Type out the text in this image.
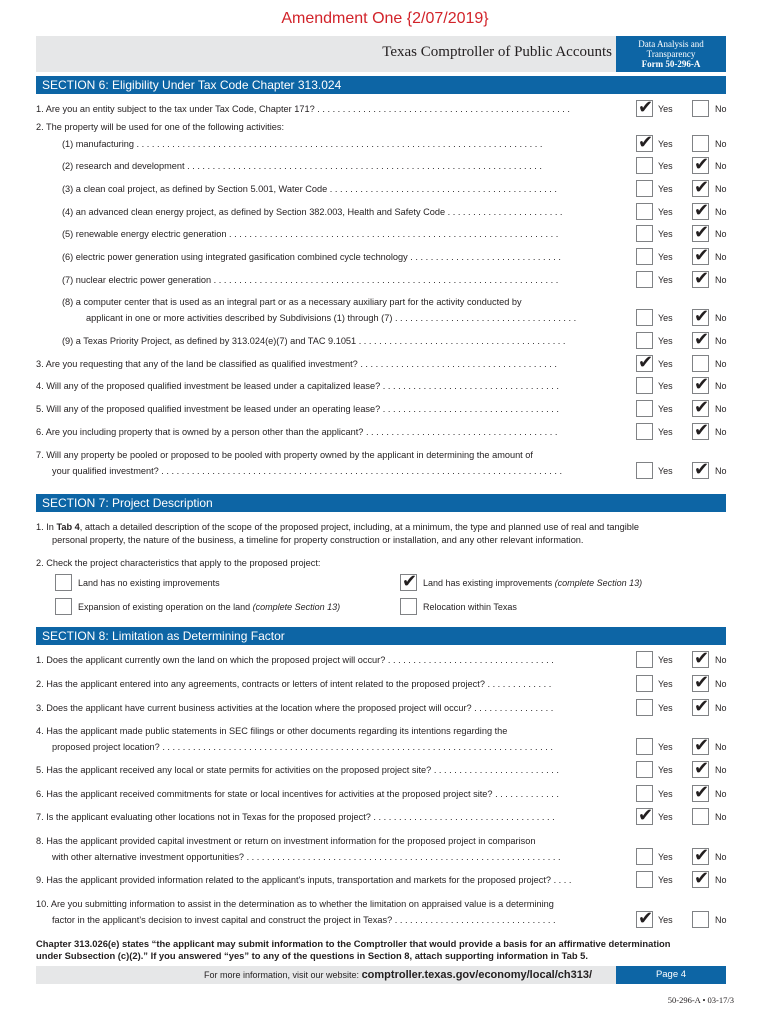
Amendment One {2/07/2019}
Texas Comptroller of Public Accounts	Data Analysis and
Transparency
Form 50-296-A
SECTION 6: Eligibility Under Tax Code Chapter 313.024
2. The property will be used for one of the following activities:
1. Are you an entity subject to the tax under Tax Code, Chapter 171? . . . . . . . . . . . . . . . . . . . . . . . . . . . . . . . . . . . . . . . . . . . . . . . . . . ✔	Yes	No
(1) manufacturing . . . . . . . . . . . . . . . . . . . . . . . . . . . . . . . . . . . . . . . . . . . . . . . . . . . . . . . . . . . . . . . . . . . . . . . . . . . . . . . . ✔	Yes	No
(2) research and development . . . . . . . . . . . . . . . . . . . . . . . . . . . . . . . . . . . . . . . . . . . . . . . . . . . . . . . . . . . . . . . . . . . . . .	Yes ✔	No
(3) a clean coal project, as defined by Section 5.001, Water Code . . . . . . . . . . . . . . . . . . . . . . . . . . . . . . . . . . . . . . . . . . . . .	Yes ✔	No
(4) an advanced clean energy project, as defined by Section 382.003, Health and Safety Code . . . . . . . . . . . . . . . . . . . . . . .	Yes ✔	No
(5) renewable energy electric generation . . . . . . . . . . . . . . . . . . . . . . . . . . . . . . . . . . . . . . . . . . . . . . . . . . . . . . . . . . . . . . . . .	Yes ✔	No
(6) electric power generation using integrated gasification combined cycle technology . . . . . . . . . . . . . . . . . . . . . . . . . . . . . .	Yes ✔	No
(7) nuclear electric power generation . . . . . . . . . . . . . . . . . . . . . . . . . . . . . . . . . . . . . . . . . . . . . . . . . . . . . . . . . . . . . . . . . . . .	Yes ✔	No
(8) a computer center that is used as an integral part or as a necessary auxiliary part for the activity conducted by
applicant in one or more activities described by Subdivisions (1) through (7) . . . . . . . . . . . . . . . . . . . . . . . . . . . . . . . . . . . .	Yes ✔	No
(9) a Texas Priority Project, as defined by 313.024(e)(7) and TAC 9.1051 . . . . . . . . . . . . . . . . . . . . . . . . . . . . . . . . . . . . . . . . .	Yes ✔	No
3. Are you requesting that any of the land be classified as qualified investment? . . . . . . . . . . . . . . . . . . . . . . . . . . . . . . . . . . . . . . . ✔	Yes	No
4. Will any of the proposed qualified investment be leased under a capitalized lease? . . . . . . . . . . . . . . . . . . . . . . . . . . . . . . . . . . .	Yes ✔	No
5. Will any of the proposed qualified investment be leased under an operating lease? . . . . . . . . . . . . . . . . . . . . . . . . . . . . . . . . . . .	Yes ✔	No
6. Are you including property that is owned by a person other than the applicant? . . . . . . . . . . . . . . . . . . . . . . . . . . . . . . . . . . . . . .	Yes ✔	No
7. Will any property be pooled or proposed to be pooled with property owned by the applicant in determining the amount of
your qualified investment? . . . . . . . . . . . . . . . . . . . . . . . . . . . . . . . . . . . . . . . . . . . . . . . . . . . . . . . . . . . . . . . . . . . . . . . . . . . . . . .	Yes ✔	No
SECTION 7: Project Description
1. In Tab 4, attach a detailed description of the scope of the proposed project, including, at a minimum, the type and planned use of real and tangible
personal property, the nature of the business, a timeline for property construction or installation, and any other relevant information.
2. Check the project characteristics that apply to the proposed project:
Land has no existing improvements ✔	Land has existing improvements (complete Section 13)
Expansion of existing operation on the land (complete Section 13)	Relocation within Texas
SECTION 8: Limitation as Determining Factor
1. Does the applicant currently own the land on which the proposed project will occur? . . . . . . . . . . . . . . . . . . . . . . . . . . . . . . . . .	Yes ✔	No
2. Has the applicant entered into any agreements, contracts or letters of intent related to the proposed project? . . . . . . . . . . . . .	Yes ✔	No
3. Does the applicant have current business activities at the location where the proposed project will occur? . . . . . . . . . . . . . . . .	Yes ✔	No
4. Has the applicant made public statements in SEC filings or other documents regarding its intentions regarding the
proposed project location? . . . . . . . . . . . . . . . . . . . . . . . . . . . . . . . . . . . . . . . . . . . . . . . . . . . . . . . . . . . . . . . . . . . . . . . . . . . . .	Yes ✔	No
5. Has the applicant received any local or state permits for activities on the proposed project site? . . . . . . . . . . . . . . . . . . . . . . . . .	Yes ✔	No
6. Has the applicant received commitments for state or local incentives for activities at the proposed project site? . . . . . . . . . . . . .	Yes ✔	No
7. Is the applicant evaluating other locations not in Texas for the proposed project? . . . . . . . . . . . . . . . . . . . . . . . . . . . . . . . . . . . . ✔	Yes	No
8. Has the applicant provided capital investment or return on investment information for the proposed project in comparison
with other alternative investment opportunities? . . . . . . . . . . . . . . . . . . . . . . . . . . . . . . . . . . . . . . . . . . . . . . . . . . . . . . . . . . . . . .	Yes ✔	No
9. Has the applicant provided information related to the applicant's inputs, transportation and markets for the proposed project? . . . .	Yes ✔	No
10. Are you submitting information to assist in the determination as to whether the limitation on appraised value is a determining
factor in the applicant's decision to invest capital and construct the project in Texas? . . . . . . . . . . . . . . . . . . . . . . . . . . . . . . . . ✔	Yes	No
Chapter 313.026(e) states “the applicant may submit information to the Comptroller that would provide a basis for an affirmative determination
under Subsection (c)(2).” If you answered “yes” to any of the questions in Section 8, attach supporting information in Tab 5.
For more information, visit our website: comptroller.texas.gov/economy/local/ch313/	Page 4
50-296-A • 03-17/3
